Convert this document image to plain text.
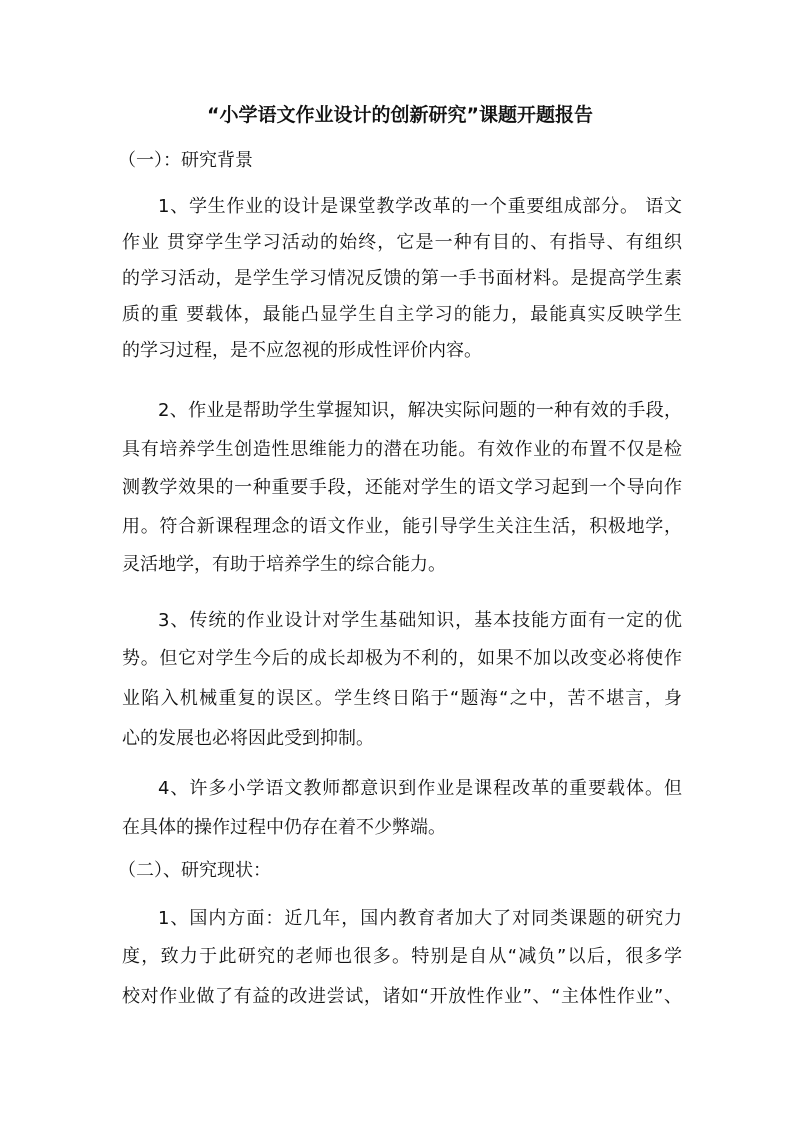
“小学语文作业设计的创新研究”课题开题报告
（一）：研究背景
1、学生作业的设计是课堂教学改革的一个重要组成部分。 语文
作业 贯穿学生学习活动的始终，它是一种有目的、有指导、有组织
的学习活动，是学生学习情况反馈的第一手书面材料。是提高学生素
质的重 要载体，最能凸显学生自主学习的能力，最能真实反映学生
的学习过程，是不应忽视的形成性评价内容。
2、作业是帮助学生掌握知识，解决实际问题的一种有效的手段，
具有培养学生创造性思维能力的潜在功能。有效作业的布置不仅是检
测教学效果的一种重要手段，还能对学生的语文学习起到一个导向作
用。符合新课程理念的语文作业，能引导学生关注生活，积极地学，
灵活地学，有助于培养学生的综合能力。
3、传统的作业设计对学生基础知识，基本技能方面有一定的优
势。但它对学生今后的成长却极为不利的，如果不加以改变必将使作
业陷入机械重复的误区。学生终日陷于“题海“之中，苦不堪言，身
心的发展也必将因此受到抑制。
4、许多小学语文教师都意识到作业是课程改革的重要载体。但
在具体的操作过程中仍存在着不少弊端。
（二）、研究现状：
1、国内方面：近几年，国内教育者加大了对同类课题的研究力
度，致力于此研究的老师也很多。特别是自从“减负”以后，很多学
校对作业做了有益的改进尝试，诸如“开放性作业”、“主体性作业”、
